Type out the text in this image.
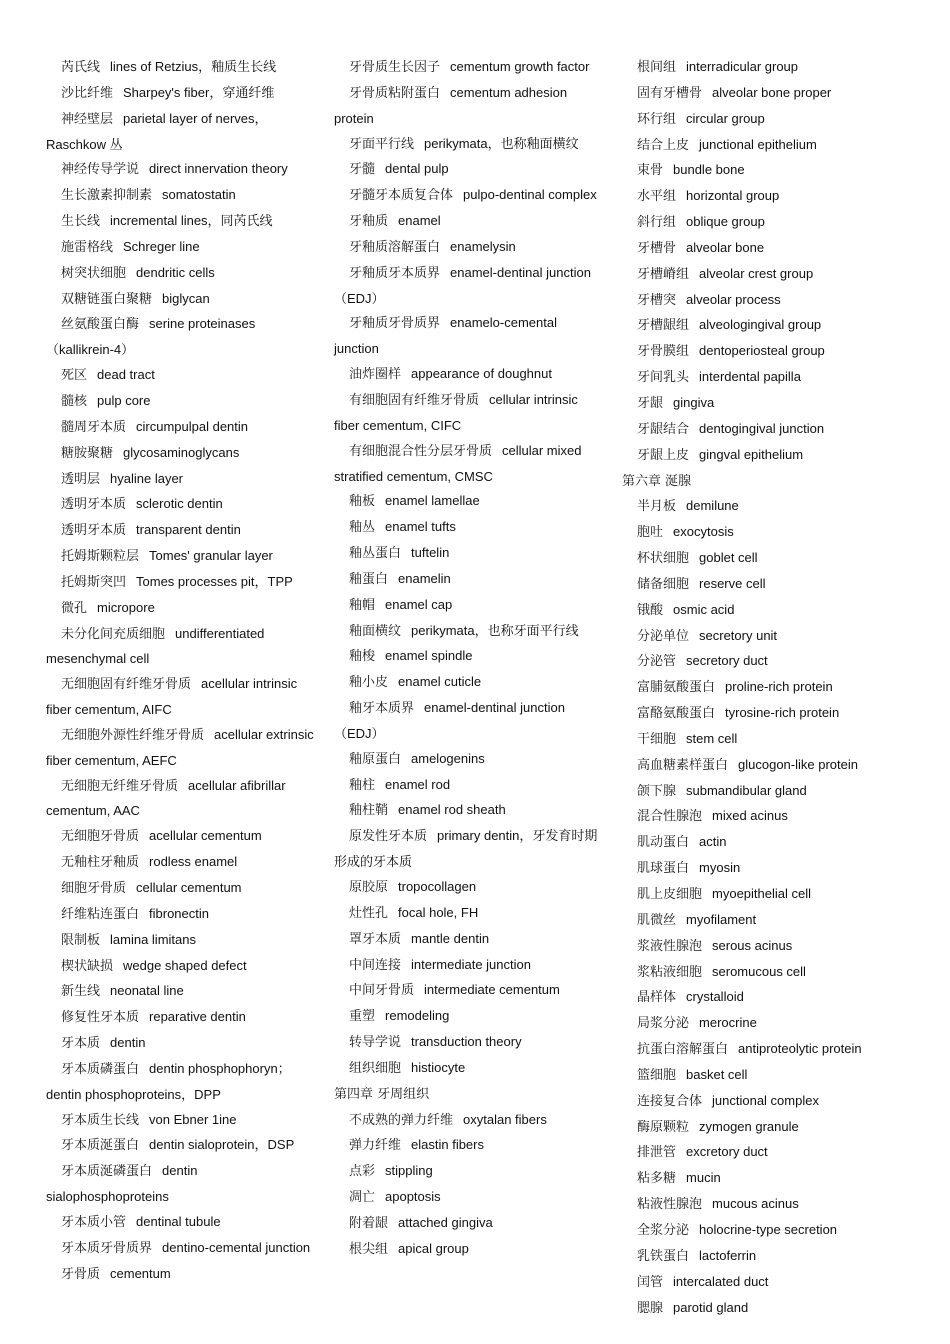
芮氏线 lines of Retzius，釉质生长线
沙比纤维 Sharpey's fiber，穿通纤维
神经壁层 parietal layer of nerves，Raschkow 丛
神经传导学说 direct innervation theory
生长激素抑制素 somatostatin
生长线 incremental lines，同芮氏线
施雷格线 Schreger line
树突状细胞 dendritic cells
双糖链蛋白聚糖 biglycan
丝氨酸蛋白酶 serine proteinases（kallikrein-4）
死区 dead tract
髓核 pulp core
髓周牙本质 circumpulpal dentin
糖胺聚糖 glycosaminoglycans
透明层 hyaline layer
透明牙本质 sclerotic dentin
透明牙本质 transparent dentin
托姆斯颗粒层 Tomes' granular layer
托姆斯突凹 Tomes processes pit，TPP
微孔 micropore
未分化间充质细胞 undifferentiated mesenchymal cell
无细胞固有纤维牙骨质 acellular intrinsic fiber cementum, AIFC
无细胞外源性纤维牙骨质 acellular extrinsic fiber cementum, AEFC
无细胞无纤维牙骨质 acellular afibrillar cementum, AAC
无细胞牙骨质 acellular cementum
无釉柱牙釉质 rodless enamel
细胞牙骨质 cellular cementum
纤维粘连蛋白 fibronectin
限制板 lamina limitans
楔状缺损 wedge shaped defect
新生线 neonatal line
修复性牙本质 reparative dentin
牙本质 dentin
牙本质磷蛋白 dentin phosphophoryn；dentin phosphoproteins，DPP
牙本质生长线 von Ebner 1ine
牙本质涎蛋白 dentin sialoprotein，DSP
牙本质涎磷蛋白 dentin sialophosphoproteins
牙本质小管 dentinal tubule
牙本质牙骨质界 dentino-cemental junction
牙骨质 cementum
牙骨质生长因子 cementum growth factor
牙骨质粘附蛋白 cementum adhesion protein
牙面平行线 perikymata，也称釉面横纹
牙髓 dental pulp
牙髓牙本质复合体 pulpo-dentinal complex
牙釉质 enamel
牙釉质溶解蛋白 enamelysin
牙釉质牙本质界 enamel-dentinal junction（EDJ）
牙釉质牙骨质界 enamelo-cemental junction
油炸圈样 appearance of doughnut
有细胞固有纤维牙骨质 cellular intrinsic fiber cementum, CIFC
有细胞混合性分层牙骨质 cellular mixed stratified cementum, CMSC
釉板 enamel lamellae
釉丛 enamel tufts
釉丛蛋白 tuftelin
釉蛋白 enamelin
釉帽 enamel cap
釉面横纹 perikymata，也称牙面平行线
釉梭 enamel spindle
釉小皮 enamel cuticle
釉牙本质界 enamel-dentinal junction（EDJ）
釉原蛋白 amelogenins
釉柱 enamel rod
釉柱鞘 enamel rod sheath
原发性牙本质 primary dentin，牙发育时期形成的牙本质
原胶原 tropocollagen
灶性孔 focal hole, FH
罩牙本质 mantle dentin
中间连接 intermediate junction
中间牙骨质 intermediate cementum
重塑 remodeling
转导学说 transduction theory
组织细胞 histiocyte
第四章 牙周组织
不成熟的弹力纤维 oxytalan fibers
弹力纤维 elastin fibers
点彩 stippling
凋亡 apoptosis
附着龈 attached gingiva
根尖组 apical group
根间组 interradicular group
固有牙槽骨 alveolar bone proper
环行组 circular group
结合上皮 junctional epithelium
束骨 bundle bone
水平组 horizontal group
斜行组 oblique group
牙槽骨 alveolar bone
牙槽嵴组 alveolar crest group
牙槽突 alveolar process
牙槽龈组 alveologingival group
牙骨膜组 dentoperiosteal group
牙间乳头 interdental papilla
牙龈 gingiva
牙龈结合 dentogingival junction
牙龈上皮 gingval epithelium
第六章 涎腺
半月板 demilune
胞吐 exocytosis
杯状细胞 goblet cell
储备细胞 reserve cell
锇酸 osmic acid
分泌单位 secretory unit
分泌管 secretory duct
富脯氨酸蛋白 proline-rich protein
富酪氨酸蛋白 tyrosine-rich protein
干细胞 stem cell
高血糖素样蛋白 glucogon-like protein
颌下腺 submandibular gland
混合性腺泡 mixed acinus
肌动蛋白 actin
肌球蛋白 myosin
肌上皮细胞 myoepithelial cell
肌微丝 myofilament
浆液性腺泡 serous acinus
浆粘液细胞 seromucous cell
晶样体 crystalloid
局浆分泌 merocrine
抗蛋白溶解蛋白 antiproteolytic protein
篮细胞 basket cell
连接复合体 junctional complex
酶原颗粒 zymogen granule
排泄管 excretory duct
粘多糖 mucin
粘液性腺泡 mucous acinus
全浆分泌 holocrine-type secretion
乳铁蛋白 lactoferrin
闰管 intercalated duct
腮腺 parotid gland
